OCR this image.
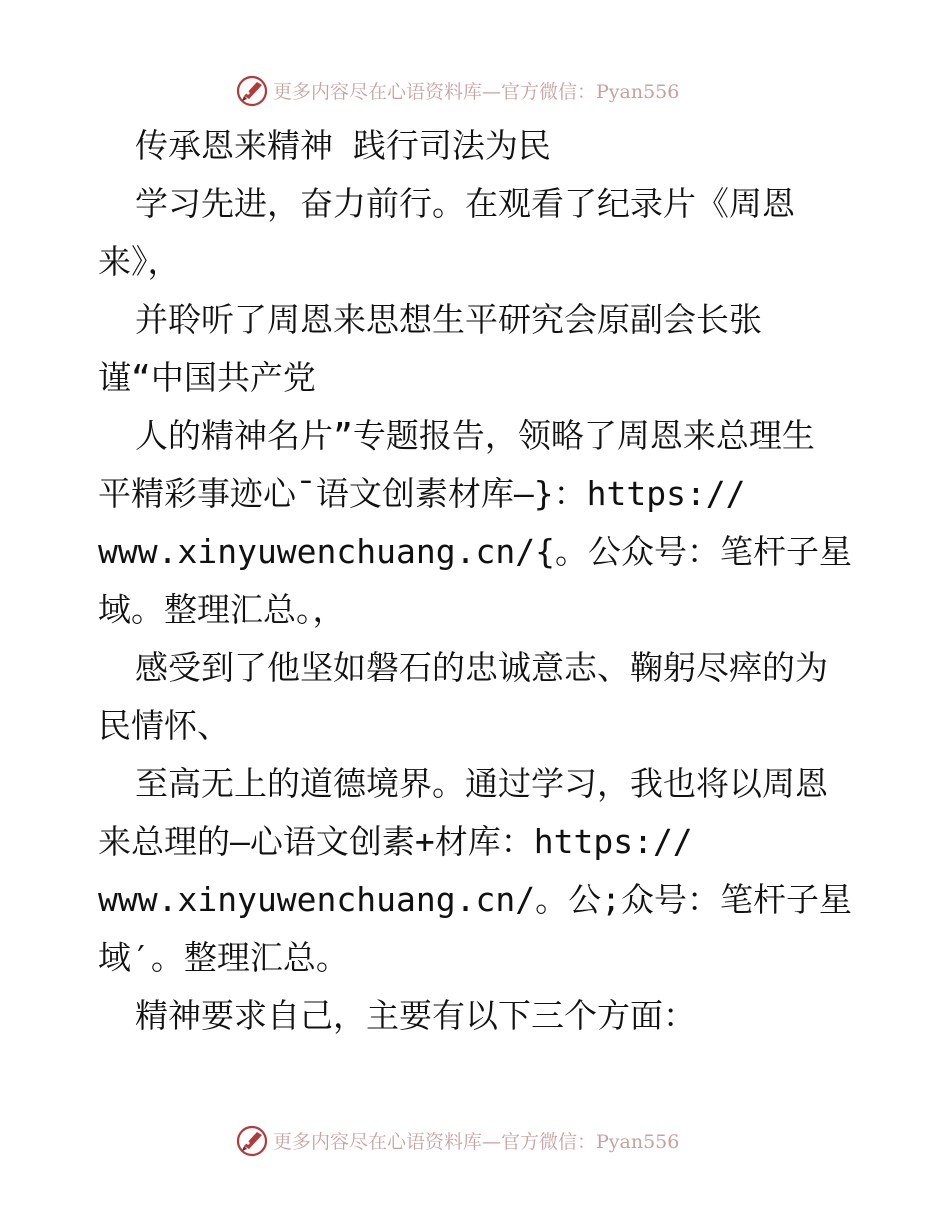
更多内容尽在心语资料库—官方微信：Pyan556
传承恩来精神 践行司法为民
学习先进，奋力前行。在观看了纪录片《周恩
来》，
并聆听了周恩来思想生平研究会原副会长张
谨“中国共产党
人的精神名片”专题报告，领略了周恩来总理生
平精彩事迹心¯语文创素材库—}：https://
www.xinyuwenchuang.cn/{。公众号：笔杆子星
域。整理汇总。，
感受到了他坚如磐石的忠诚意志、鞠躬尽瘁的为
民情怀、
至高无上的道德境界。通过学习，我也将以周恩
来总理的—心语文创素+材库：https://
www.xinyuwenchuang.cn/。公;众号：笔杆子星
域′。整理汇总。
精神要求自己，主要有以下三个方面：
更多内容尽在心语资料库—官方微信：Pyan556
